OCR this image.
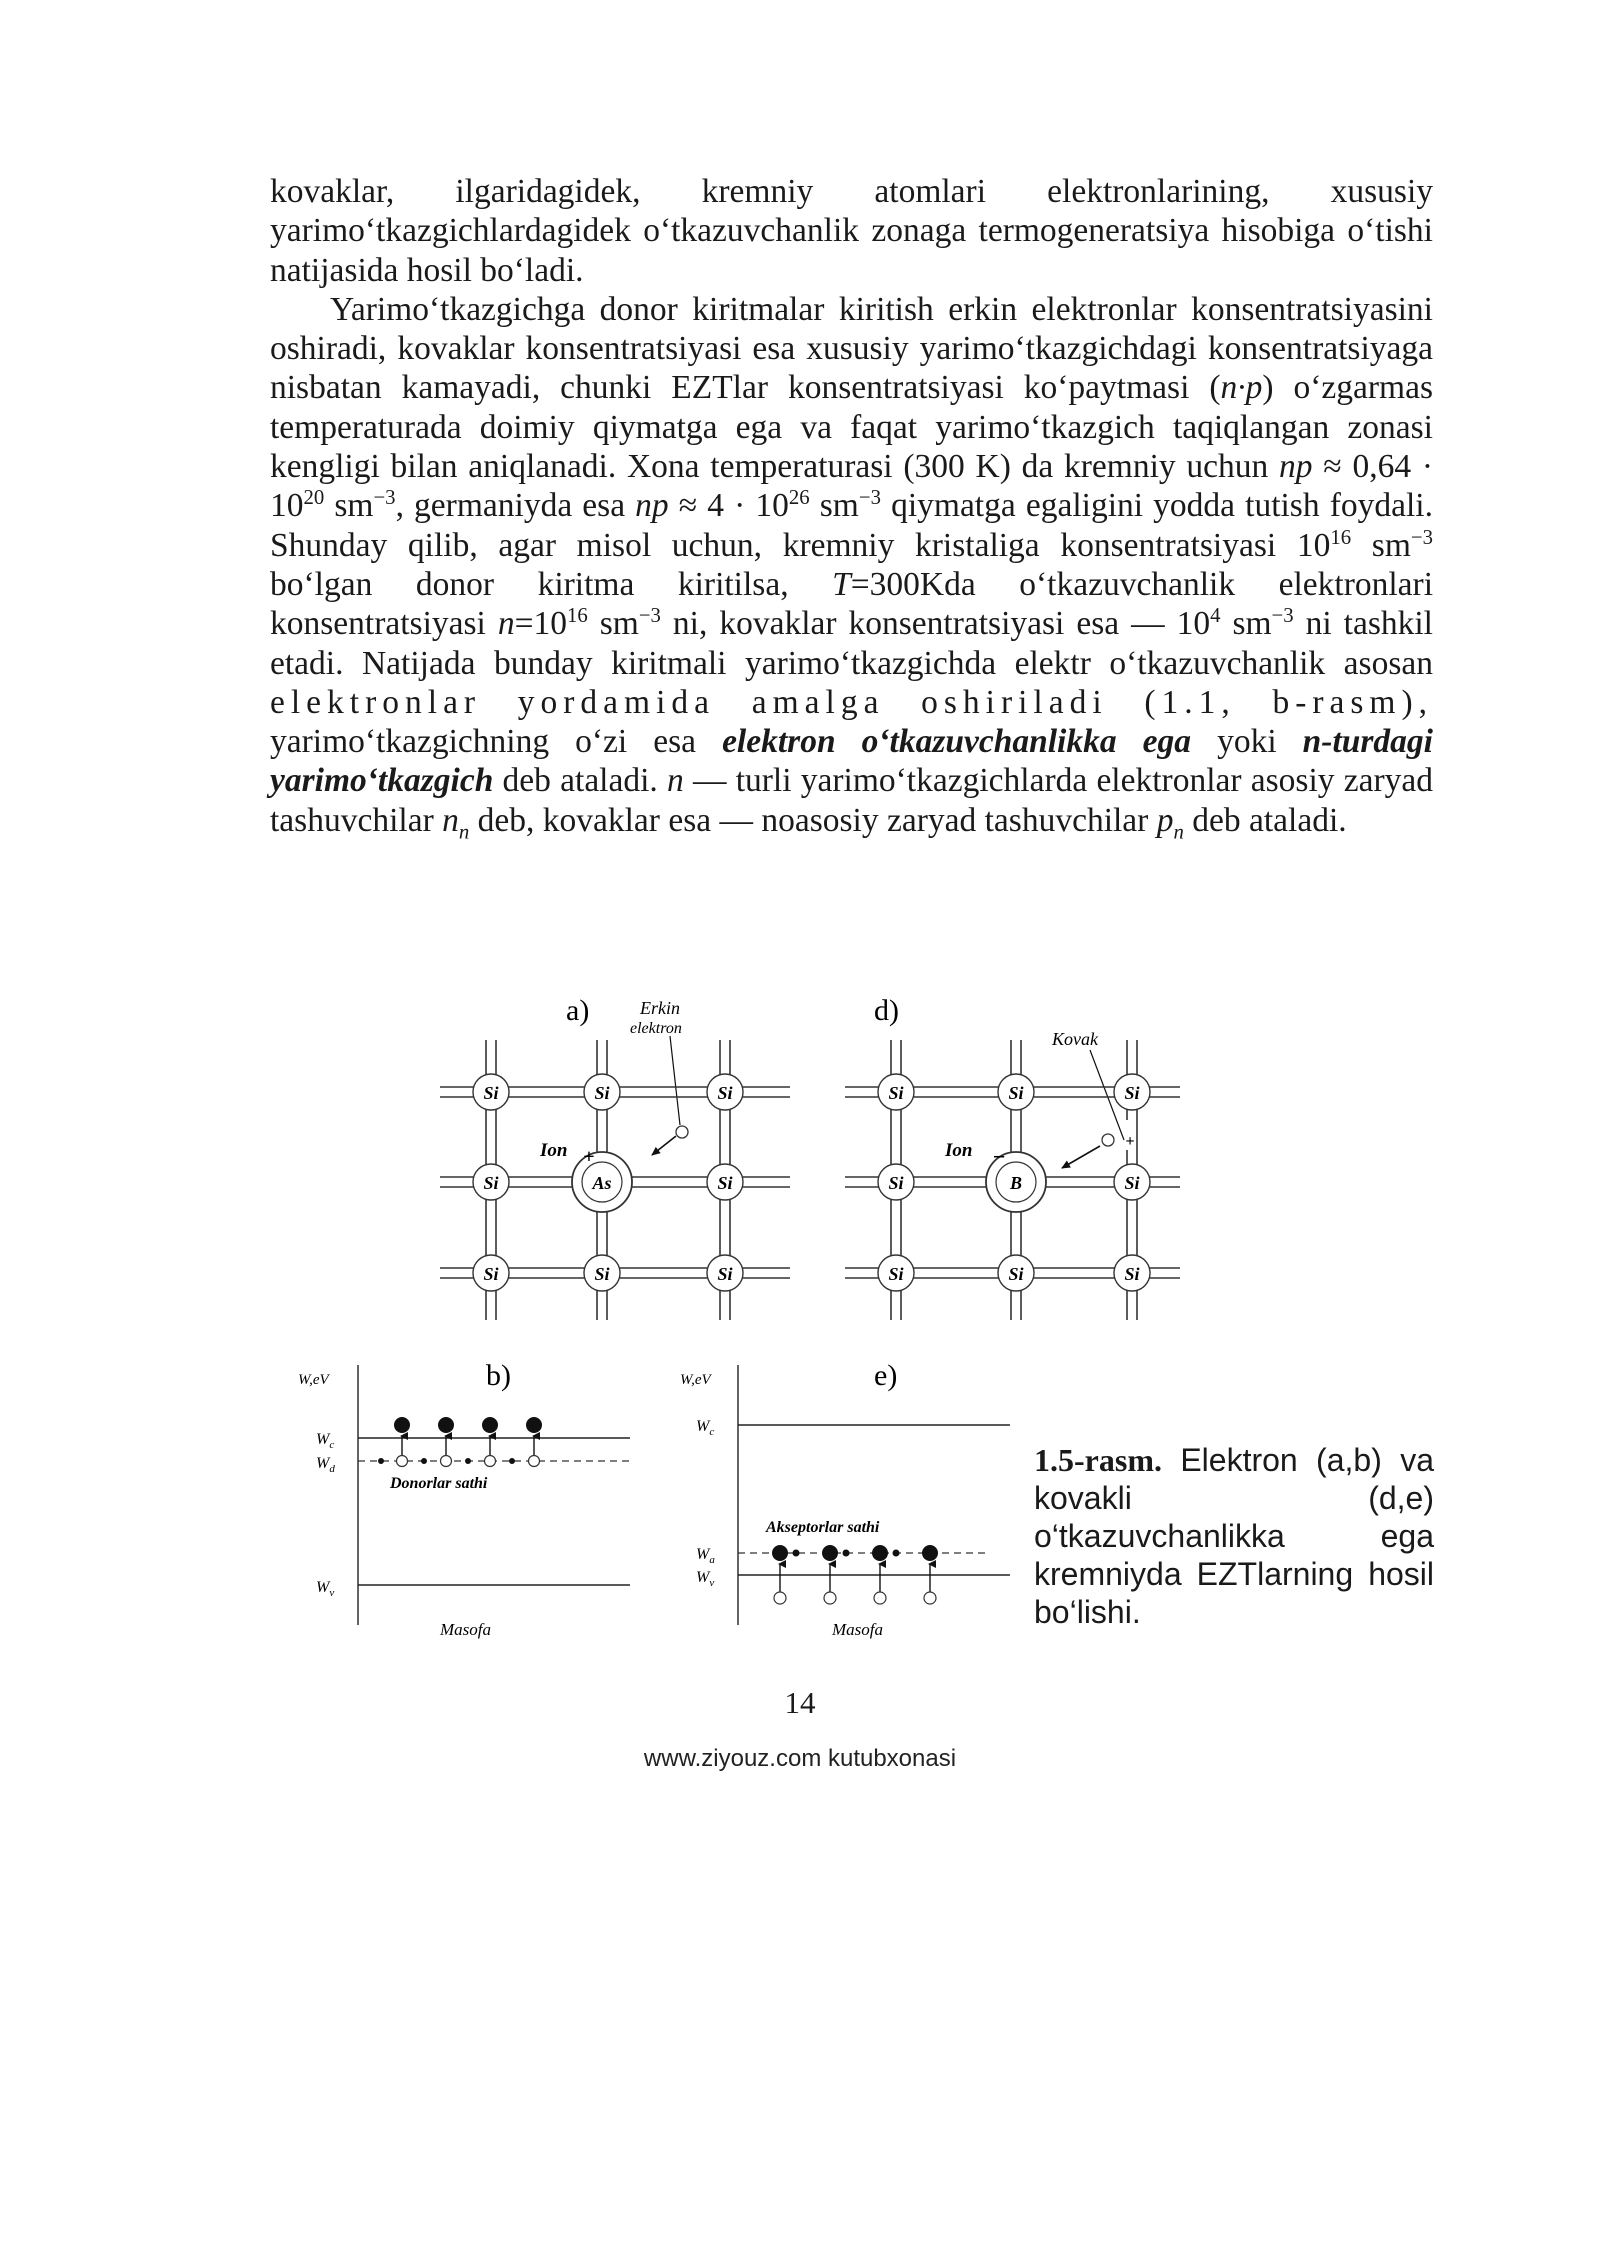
kovaklar, ilgaridagidek, kremniy atomlari elektronlarining, xususiy yarimo‘tkazgichlardagidek o‘tkazuvchanlik zonaga termogeneratsiya hisobiga o‘tishi natijasida hosil bo‘ladi.

Yarimo‘tkazgichga donor kiritmalar kiritish erkin elektronlar konsentratsiyasini oshiradi, kovaklar konsentratsiyasi esa xususiy yarimo‘tkazgichdagi konsentratsiyaga nisbatan kamayadi, chunki EZTlar konsentratsiyasi ko‘paytmasi (n·p) o‘zgarmas temperaturada doimiy qiymatga ega va faqat yarimo‘tkazgich taqiqlangan zonasi kengligi bilan aniqlanadi. Xona temperaturasi (300 K) da kremniy uchun np ≈ $0,64 \cdot 10^{20}$ $sm^{-3}$, germaniyda esa np ≈ $4 \cdot 10^{26}$ $sm^{-3}$ qiymatga egaligini yodda tutish foydali. Shunday qilib, agar misol uchun, kremniy kristaliga konsentratsiyasi $10^{16}$ $sm^{-3}$ bo‘lgan donor kiritma kiritilsa, T=300Kda o‘tkazuvchanlik elektronlari konsentratsiyasi $n=10^{16}$ $sm^{-3}$ ni, kovaklar konsentratsiyasi esa — $10^4$ $sm^{-3}$ ni tashkil etadi. Natijada bunday kiritmali yarimo‘tkazgichda elektr o‘tkazuvchanlik asosan elektronlar yordamida amalga oshiriladi (1.1, b-rasm), yarimo‘tkazgichning o‘zi esa elektron o‘tkazuvchanlikka ega yoki n-turdagi yarimo‘tkazgich deb ataladi. n — turli yarimo‘tkazgichlarda elektronlar asosiy zaryad tashuvchilar $n_n$ deb, kovaklar esa — noasosiy zaryad tashuvchilar $p_n$ deb ataladi.

a)	Erkin
elektron
Si	Si	Si
Si	As
+
Si
Si	Si	Si
Ion
d)
Kovak
Si	Si	Si
Si	B
−
Si
Si	Si	Si
Ion	+
b)
W,eV
$W_c$
$W_d$
$W_v$
Donorlar sathi
Masofa
e)
W,eV
$W_c$
$W_a$
$W_v$
Akseptorlar sathi
Masofa
1.5-rasm. Elektron (a,b) va kovakli (d,e) o‘tkazuvchanlikka ega kremniyda EZTlarning hosil bo‘lishi.
14
www.ziyouz.com kutubxonasi
